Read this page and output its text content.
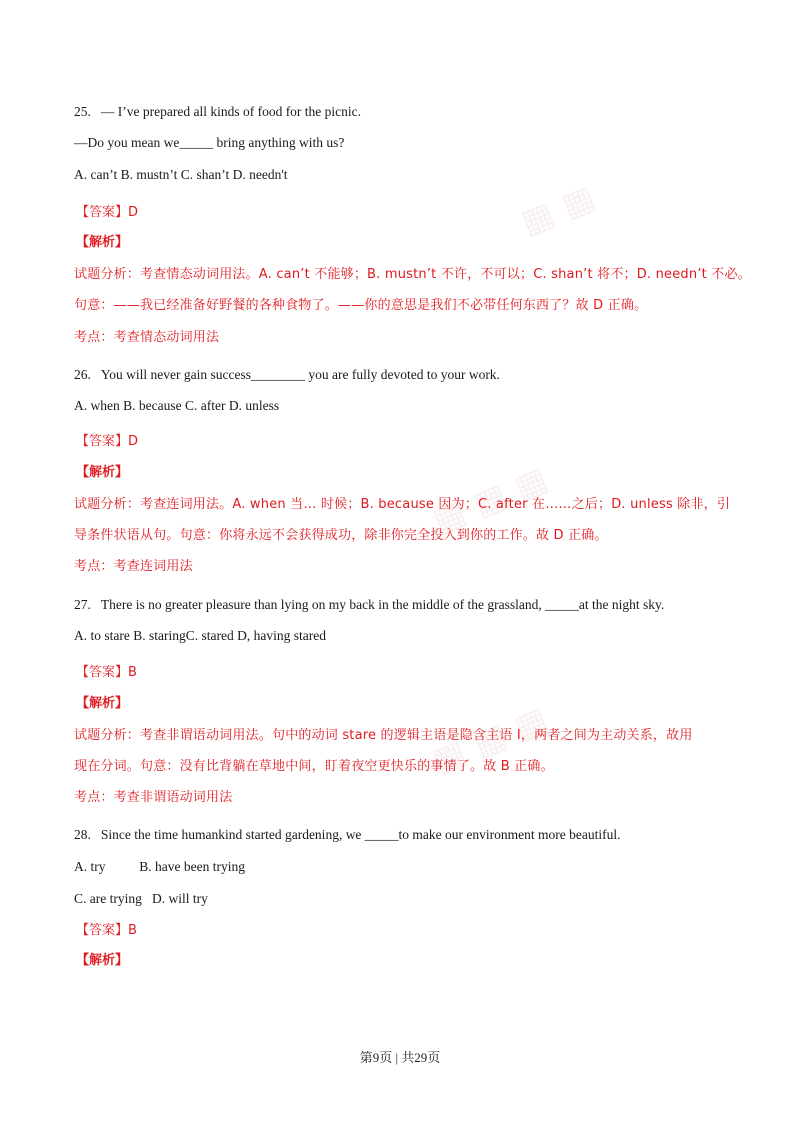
▦ ▦
▦ ▦ ▦
▦ ▦ ▦
25. — I’ve prepared all kinds of food for the picnic.
—Do you mean we_____ bring anything with us?
A. can’t B. mustn’t C. shan’t D. needn't
【答案】D
【解析】
试题分析：考查情态动词用法。A. can’t 不能够；B. mustn’t 不许，不可以；C. shan’t 将不；D. needn’t 不必。
句意：——我已经准备好野餐的各种食物了。——你的意思是我们不必带任何东西了？故 D 正确。
考点：考查情态动词用法
26. You will never gain success________ you are fully devoted to your work.
A. when B. because C. after D. unless
【答案】D
【解析】
试题分析：考查连词用法。A. when 当… 时候；B. because 因为；C. after 在……之后；D. unless 除非，引
导条件状语从句。句意：你将永远不会获得成功，除非你完全投入到你的工作。故 D 正确。
考点：考查连词用法
27. There is no greater pleasure than lying on my back in the middle of the grassland, _____at the night sky.
A. to stare B. staringC. stared D, having stared
【答案】B
【解析】
试题分析：考查非谓语动词用法。句中的动词 stare 的逻辑主语是隐含主语 I，两者之间为主动关系，故用
现在分词。句意：没有比背躺在草地中间，盯着夜空更快乐的事情了。故 B 正确。
考点：考查非谓语动词用法
28. Since the time humankind started gardening, we _____to make our environment more beautiful.
A. try          B. have been trying
C. are trying   D. will try
【答案】B
【解析】
第9页 | 共29页
